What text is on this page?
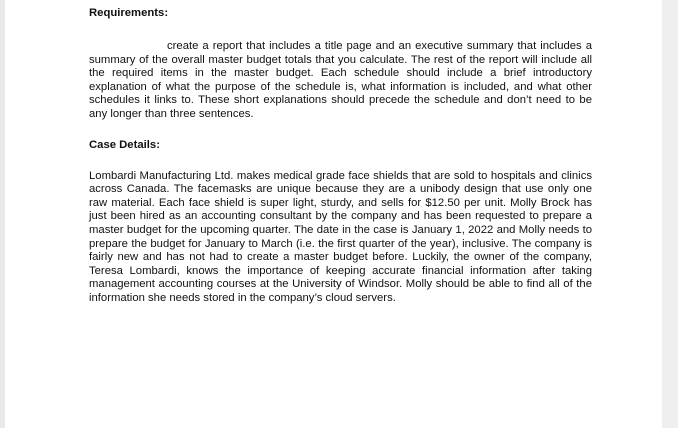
Requirements:

create a report that includes a title page and an executive summary that includes a summary of the overall master budget totals that you calculate. The rest of the report will include all the required items in the master budget. Each schedule should include a brief introductory explanation of what the purpose of the schedule is, what information is included, and what other schedules it links to. These short explanations should precede the schedule and don’t need to be any longer than three sentences.

Case Details:

Lombardi Manufacturing Ltd. makes medical grade face shields that are sold to hospitals and clinics across Canada. The facemasks are unique because they are a unibody design that use only one raw material. Each face shield is super light, sturdy, and sells for $12.50 per unit. Molly Brock has just been hired as an accounting consultant by the company and has been requested to prepare a master budget for the upcoming quarter. The date in the case is January 1, 2022 and Molly needs to prepare the budget for January to March (i.e. the first quarter of the year), inclusive. The company is fairly new and has not had to create a master budget before. Luckily, the owner of the company, Teresa Lombardi, knows the importance of keeping accurate financial information after taking management accounting courses at the University of Windsor. Molly should be able to find all of the information she needs stored in the company’s cloud servers.
